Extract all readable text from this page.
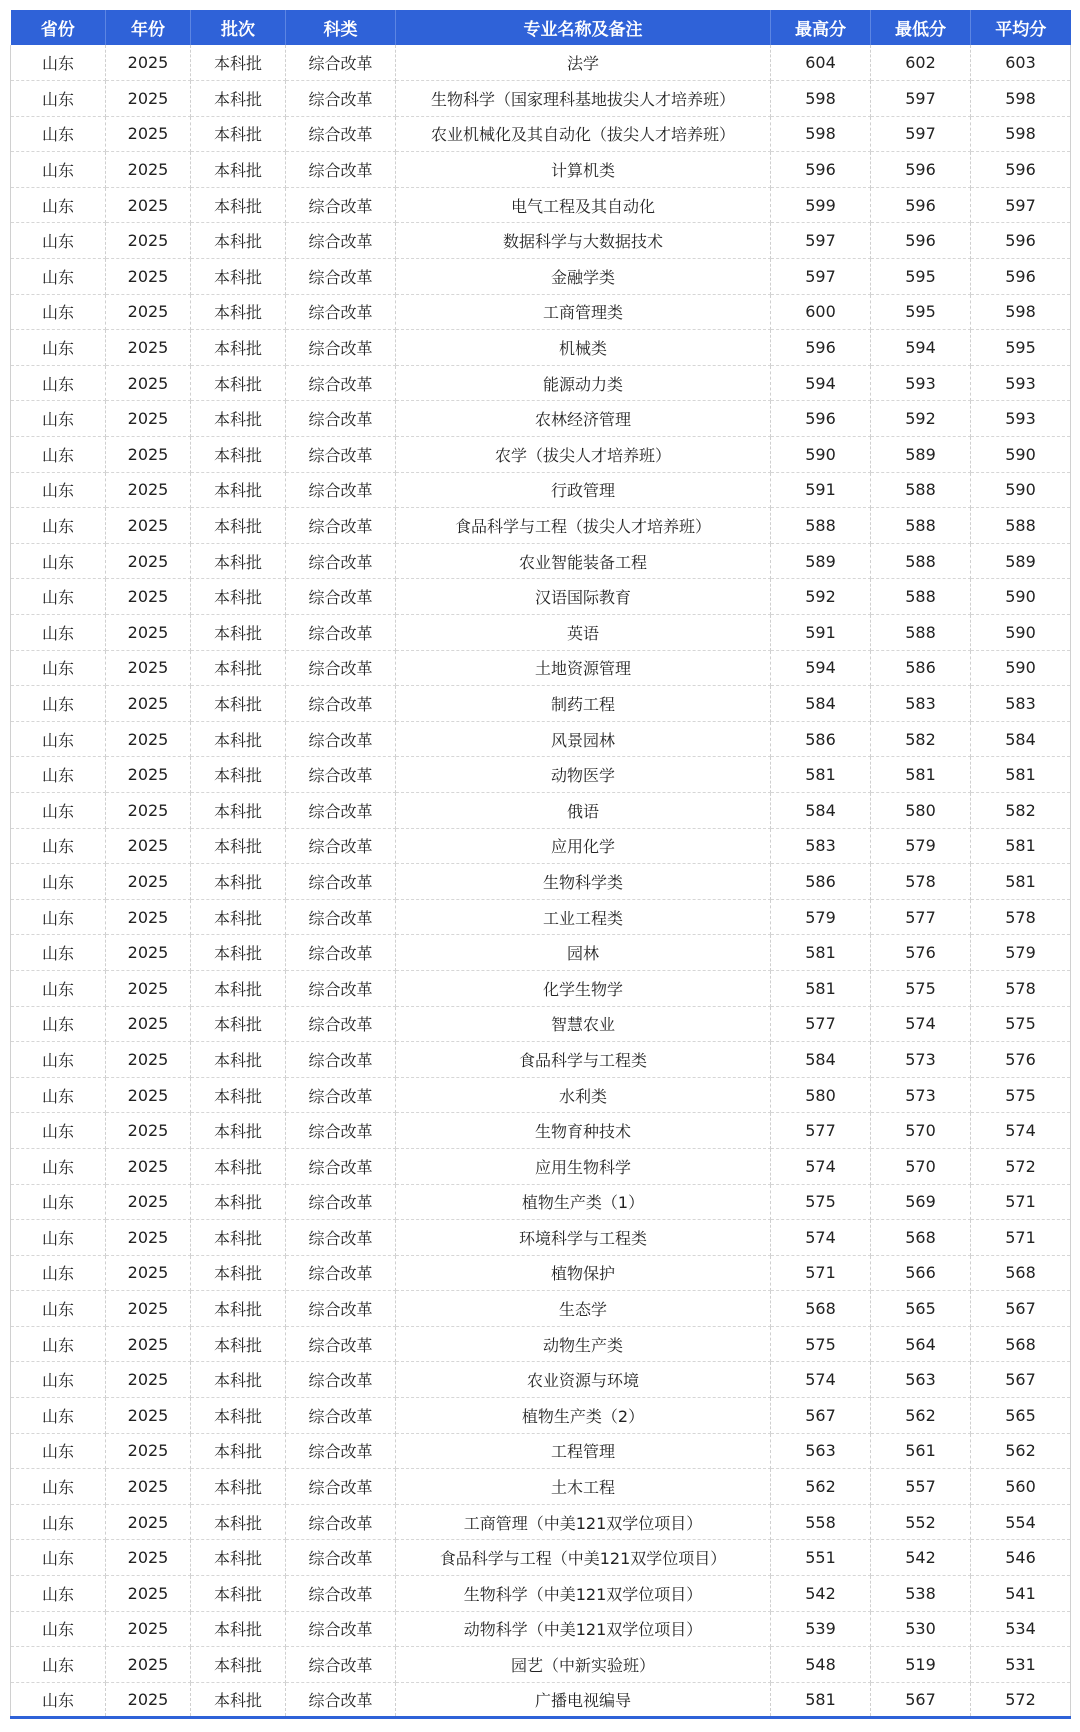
省份	年份	批次	科类	专业名称及备注	最高分	最低分	平均分
山东	2025	本科批	综合改革	法学	604	602	603
山东	2025	本科批	综合改革	生物科学（国家理科基地拔尖人才培养班）	598	597	598
山东	2025	本科批	综合改革	农业机械化及其自动化（拔尖人才培养班）	598	597	598
山东	2025	本科批	综合改革	计算机类	596	596	596
山东	2025	本科批	综合改革	电气工程及其自动化	599	596	597
山东	2025	本科批	综合改革	数据科学与大数据技术	597	596	596
山东	2025	本科批	综合改革	金融学类	597	595	596
山东	2025	本科批	综合改革	工商管理类	600	595	598
山东	2025	本科批	综合改革	机械类	596	594	595
山东	2025	本科批	综合改革	能源动力类	594	593	593
山东	2025	本科批	综合改革	农林经济管理	596	592	593
山东	2025	本科批	综合改革	农学（拔尖人才培养班）	590	589	590
山东	2025	本科批	综合改革	行政管理	591	588	590
山东	2025	本科批	综合改革	食品科学与工程（拔尖人才培养班）	588	588	588
山东	2025	本科批	综合改革	农业智能装备工程	589	588	589
山东	2025	本科批	综合改革	汉语国际教育	592	588	590
山东	2025	本科批	综合改革	英语	591	588	590
山东	2025	本科批	综合改革	土地资源管理	594	586	590
山东	2025	本科批	综合改革	制药工程	584	583	583
山东	2025	本科批	综合改革	风景园林	586	582	584
山东	2025	本科批	综合改革	动物医学	581	581	581
山东	2025	本科批	综合改革	俄语	584	580	582
山东	2025	本科批	综合改革	应用化学	583	579	581
山东	2025	本科批	综合改革	生物科学类	586	578	581
山东	2025	本科批	综合改革	工业工程类	579	577	578
山东	2025	本科批	综合改革	园林	581	576	579
山东	2025	本科批	综合改革	化学生物学	581	575	578
山东	2025	本科批	综合改革	智慧农业	577	574	575
山东	2025	本科批	综合改革	食品科学与工程类	584	573	576
山东	2025	本科批	综合改革	水利类	580	573	575
山东	2025	本科批	综合改革	生物育种技术	577	570	574
山东	2025	本科批	综合改革	应用生物科学	574	570	572
山东	2025	本科批	综合改革	植物生产类（1）	575	569	571
山东	2025	本科批	综合改革	环境科学与工程类	574	568	571
山东	2025	本科批	综合改革	植物保护	571	566	568
山东	2025	本科批	综合改革	生态学	568	565	567
山东	2025	本科批	综合改革	动物生产类	575	564	568
山东	2025	本科批	综合改革	农业资源与环境	574	563	567
山东	2025	本科批	综合改革	植物生产类（2）	567	562	565
山东	2025	本科批	综合改革	工程管理	563	561	562
山东	2025	本科批	综合改革	土木工程	562	557	560
山东	2025	本科批	综合改革	工商管理（中美121双学位项目）	558	552	554
山东	2025	本科批	综合改革	食品科学与工程（中美121双学位项目）	551	542	546
山东	2025	本科批	综合改革	生物科学（中美121双学位项目）	542	538	541
山东	2025	本科批	综合改革	动物科学（中美121双学位项目）	539	530	534
山东	2025	本科批	综合改革	园艺（中新实验班）	548	519	531
山东	2025	本科批	综合改革	广播电视编导	581	567	572
